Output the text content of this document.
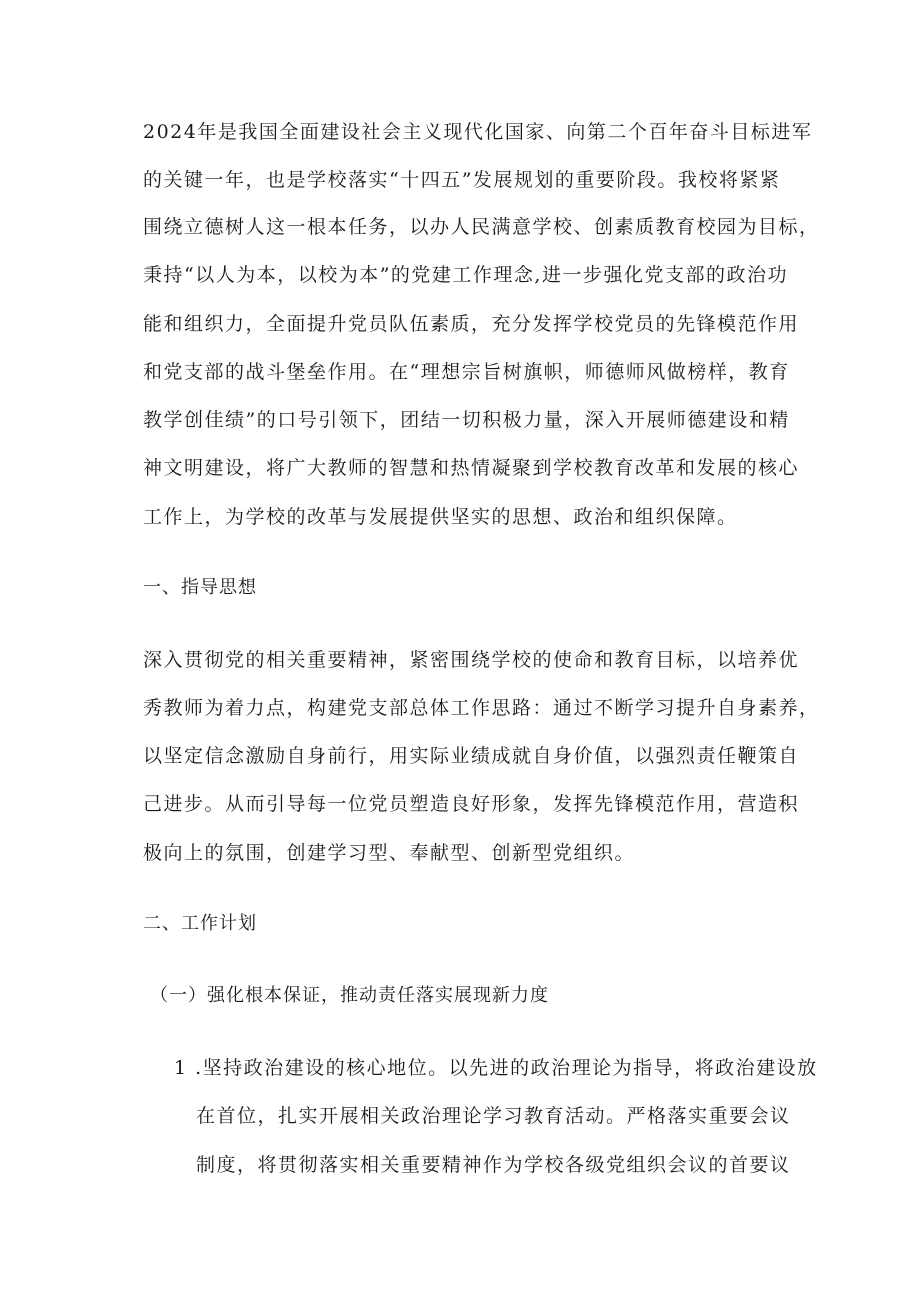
2024年是我国全面建设社会主义现代化国家、向第二个百年奋斗目标进军
的关键一年，也是学校落实“十四五”发展规划的重要阶段。我校将紧紧
围绕立德树人这一根本任务，以办人民满意学校、创素质教育校园为目标，
秉持“以人为本，以校为本”的党建工作理念,进一步强化党支部的政治功
能和组织力，全面提升党员队伍素质，充分发挥学校党员的先锋模范作用
和党支部的战斗堡垒作用。在“理想宗旨树旗帜，师德师风做榜样，教育
教学创佳绩”的口号引领下，团结一切积极力量，深入开展师德建设和精
神文明建设，将广大教师的智慧和热情凝聚到学校教育改革和发展的核心
工作上，为学校的改革与发展提供坚实的思想、政治和组织保障。
一、指导思想
深入贯彻党的相关重要精神，紧密围绕学校的使命和教育目标，以培养优
秀教师为着力点，构建党支部总体工作思路：通过不断学习提升自身素养，
以坚定信念激励自身前行，用实际业绩成就自身价值，以强烈责任鞭策自
己进步。从而引导每一位党员塑造良好形象，发挥先锋模范作用，营造积
极向上的氛围，创建学习型、奉献型、创新型党组织。
二、工作计划
（一）强化根本保证，推动责任落实展现新力度
1 .坚持政治建设的核心地位。以先进的政治理论为指导，将政治建设放
在首位，扎实开展相关政治理论学习教育活动。严格落实重要会议
制度，将贯彻落实相关重要精神作为学校各级党组织会议的首要议
